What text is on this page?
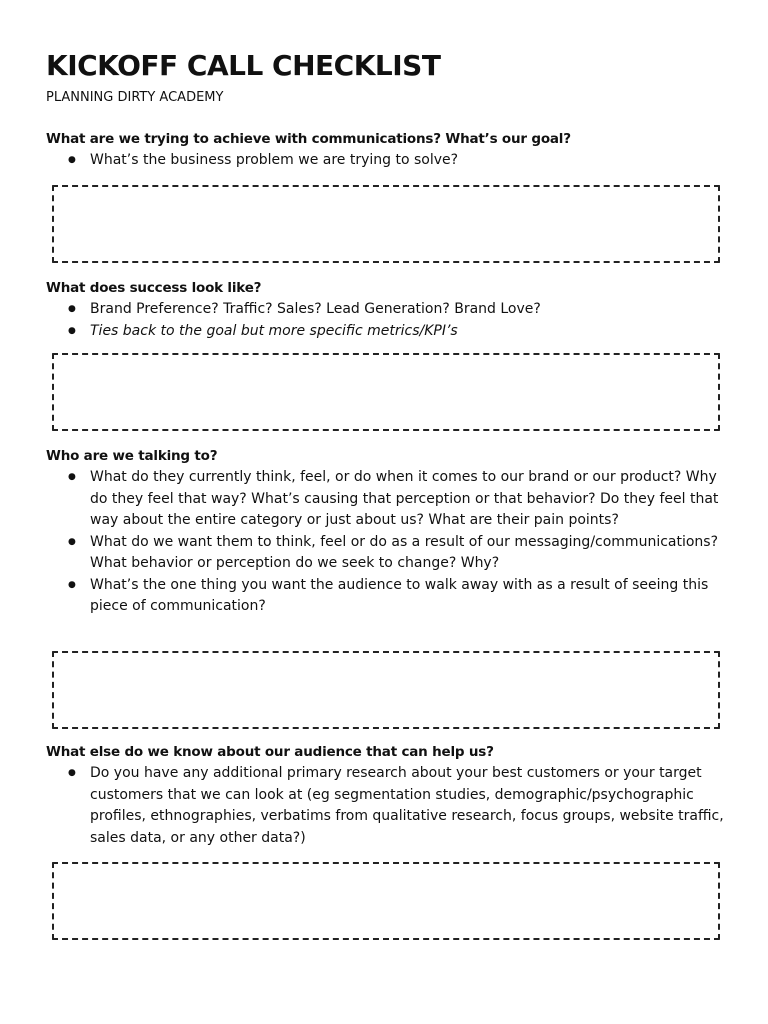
KICKOFF CALL CHECKLIST
PLANNING DIRTY ACADEMY
What are we trying to achieve with communications? What’s our goal?
● What’s the business problem we are trying to solve?
What does success look like?
● Brand Preference? Traffic? Sales? Lead Generation? Brand Love?
● Ties back to the goal but more specific metrics/KPI’s
Who are we talking to?
● What do they currently think, feel, or do when it comes to our brand or our product? Why do they feel that way? What’s causing that perception or that behavior? Do they feel that way about the entire category or just about us? What are their pain points?
● What do we want them to think, feel or do as a result of our messaging/communications? What behavior or perception do we seek to change? Why?
● What’s the one thing you want the audience to walk away with as a result of seeing this piece of communication?
What else do we know about our audience that can help us?
● Do you have any additional primary research about your best customers or your target customers that we can look at (eg segmentation studies, demographic/psychographic profiles, ethnographies, verbatims from qualitative research, focus groups, website traffic, sales data, or any other data?)
